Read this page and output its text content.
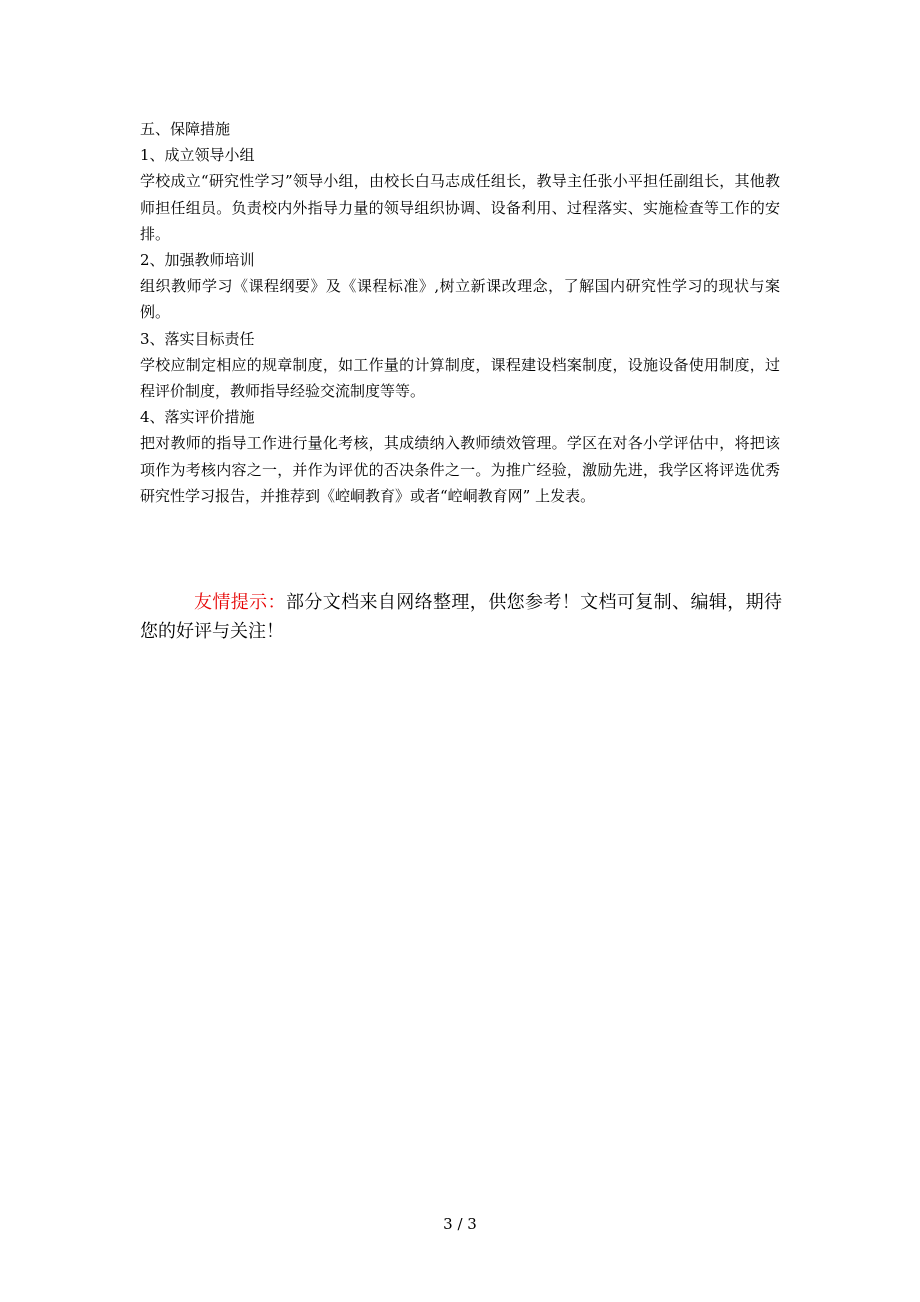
五、保障措施

1、成立领导小组

学校成立“研究性学习”领导小组，由校长白马志成任组长，教导主任张小平担任副组长，其他教师担任组员。负责校内外指导力量的领导组织协调、设备利用、过程落实、实施检查等工作的安排。

2、加强教师培训

组织教师学习《课程纲要》及《课程标准》,树立新课改理念，了解国内研究性学习的现状与案例。

3、落实目标责任

学校应制定相应的规章制度，如工作量的计算制度，课程建设档案制度，设施设备使用制度，过程评价制度，教师指导经验交流制度等等。

4、落实评价措施

把对教师的指导工作进行量化考核，其成绩纳入教师绩效管理。学区在对各小学评估中，将把该项作为考核内容之一，并作为评优的否决条件之一。为推广经验，激励先进，我学区将评选优秀研究性学习报告，并推荐到《崆峒教育》或者“崆峒教育网” 上发表。

友情提示：部分文档来自网络整理，供您参考！文档可复制、编辑，期待您的好评与关注！

3 / 3
